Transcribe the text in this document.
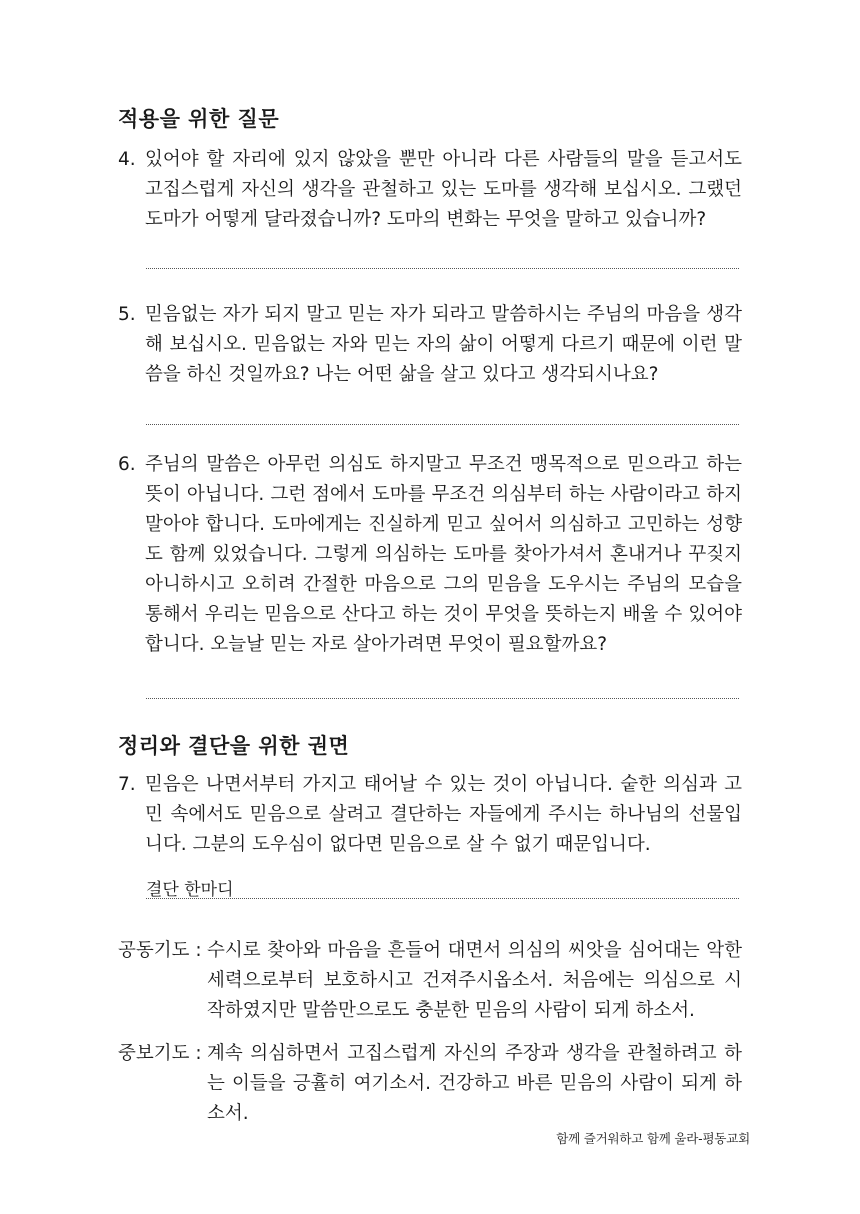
적용을 위한 질문
4. 있어야 할 자리에 있지 않았을 뿐만 아니라 다른 사람들의 말을 듣고서도 고집스럽게 자신의 생각을 관철하고 있는 도마를 생각해 보십시오. 그랬던 도마가 어떻게 달라졌습니까? 도마의 변화는 무엇을 말하고 있습니까?
5. 믿음없는 자가 되지 말고 믿는 자가 되라고 말씀하시는 주님의 마음을 생각해 보십시오. 믿음없는 자와 믿는 자의 삶이 어떻게 다르기 때문에 이런 말씀을 하신 것일까요? 나는 어떤 삶을 살고 있다고 생각되시나요?
6. 주님의 말씀은 아무런 의심도 하지말고 무조건 맹목적으로 믿으라고 하는 뜻이 아닙니다. 그런 점에서 도마를 무조건 의심부터 하는 사람이라고 하지 말아야 합니다. 도마에게는 진실하게 믿고 싶어서 의심하고 고민하는 성향도 함께 있었습니다. 그렇게 의심하는 도마를 찾아가셔서 혼내거나 꾸짖지 아니하시고 오히려 간절한 마음으로 그의 믿음을 도우시는 주님의 모습을 통해서 우리는 믿음으로 산다고 하는 것이 무엇을 뜻하는지 배울 수 있어야 합니다. 오늘날 믿는 자로 살아가려면 무엇이 필요할까요?
정리와 결단을 위한 권면
7. 믿음은 나면서부터 가지고 태어날 수 있는 것이 아닙니다. 숱한 의심과 고민 속에서도 믿음으로 살려고 결단하는 자들에게 주시는 하나님의 선물입니다. 그분의 도우심이 없다면 믿음으로 살 수 없기 때문입니다.
결단 한마디
공동기도 : 수시로 찾아와 마음을 흔들어 대면서 의심의 씨앗을 심어대는 악한 세력으로부터 보호하시고 건져주시옵소서. 처음에는 의심으로 시작하였지만 말씀만으로도 충분한 믿음의 사람이 되게 하소서.
중보기도 : 계속 의심하면서 고집스럽게 자신의 주장과 생각을 관철하려고 하는 이들을 긍휼히 여기소서. 건강하고 바른 믿음의 사람이 되게 하소서.
함께 즐거워하고 함께 울라-평동교회
